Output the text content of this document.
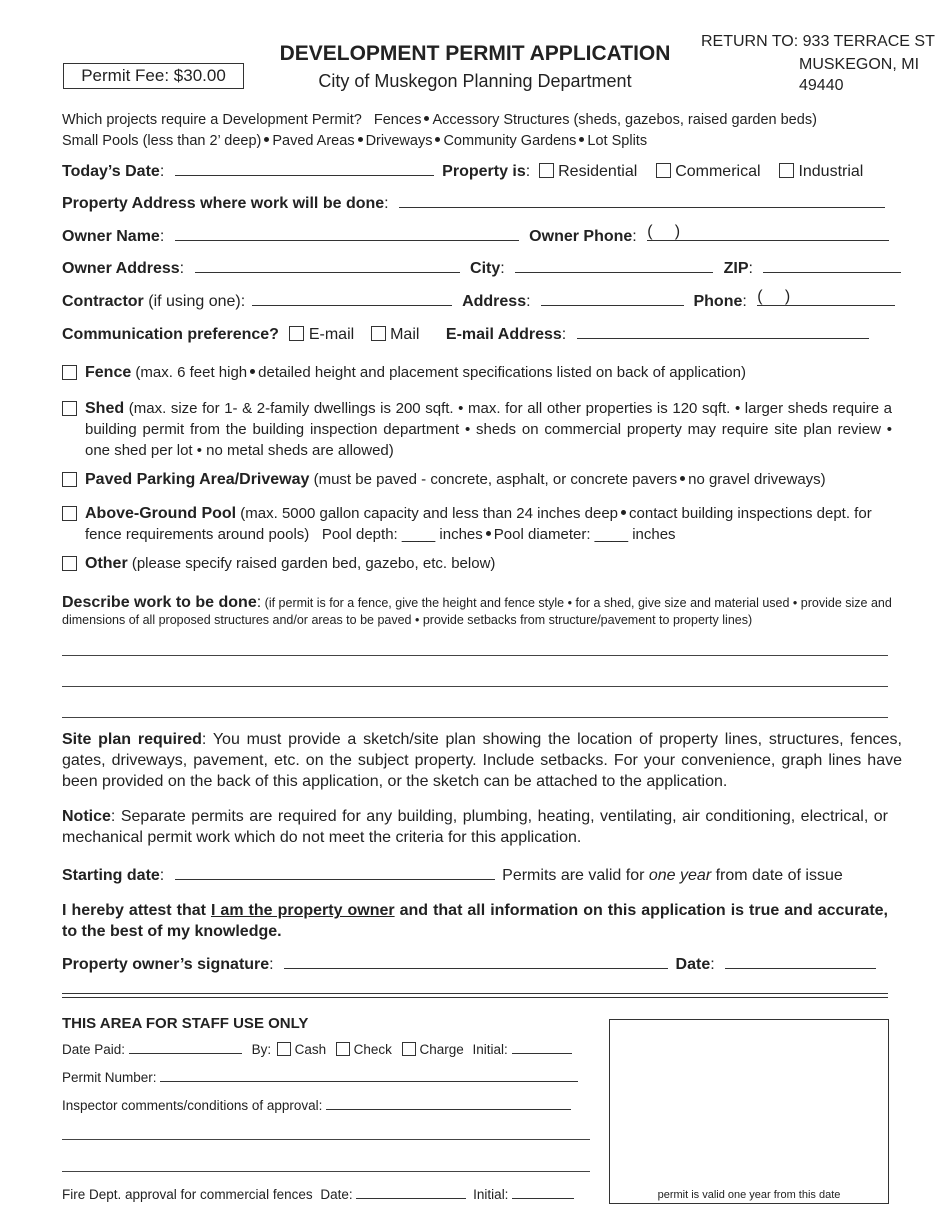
Permit Fee: $30.00
DEVELOPMENT PERMIT APPLICATION
City of Muskegon Planning Department
RETURN TO: 933 TERRACE ST
MUSKEGON, MI
49440
Which projects require a Development Permit? Fences Accessory Structures (sheds, gazebos, raised garden beds)
Small Pools (less than 2’ deep) Paved Areas Driveways Community Gardens Lot Splits
Today’s Date:	Property is: Residential Commerical Industrial
Property Address where work will be done:
Owner Name:	Owner Phone: (     )
Owner Address:	City:	ZIP:
Contractor (if using one):	Address:	Phone: (     )
Communication preference? E-mail Mail E-mail Address:
Fence (max. 6 feet high detailed height and placement specifications listed on back of application)
Shed (max. size for 1- & 2-family dwellings is 200 sqft. • max. for all other properties is 120 sqft. • larger sheds require a building permit from the building inspection department • sheds on commercial property may require site plan review • one shed per lot • no metal sheds are allowed)
Paved Parking Area/Driveway (must be paved - concrete, asphalt, or concrete pavers no gravel driveways)
Above-Ground Pool (max. 5000 gallon capacity and less than 24 inches deep contact building inspections dept. for fence requirements around pools) Pool depth: ____ inches Pool diameter: ____ inches
Other (please specify raised garden bed, gazebo, etc. below)
Describe work to be done: (if permit is for a fence, give the height and fence style • for a shed, give size and material used • provide size and dimensions of all proposed structures and/or areas to be paved • provide setbacks from structure/pavement to property lines)
Site plan required: You must provide a sketch/site plan showing the location of property lines, structures, fences, gates, driveways, pavement, etc. on the subject property. Include setbacks. For your convenience, graph lines have been provided on the back of this application, or the sketch can be attached to the application.
Notice: Separate permits are required for any building, plumbing, heating, ventilating, air conditioning, electrical, or mechanical permit work which do not meet the criteria for this application.
Starting date:	Permits are valid for one year from date of issue
I hereby attest that I am the property owner and that all information on this application is true and accurate, to the best of my knowledge.
Property owner’s signature:	Date:
THIS AREA FOR STAFF USE ONLY
Date Paid:	By: Cash Check Charge Initial:
Permit Number:
Inspector comments/conditions of approval:
Fire Dept. approval for commercial fences Date:	Initial:	permit is valid one year from this date
